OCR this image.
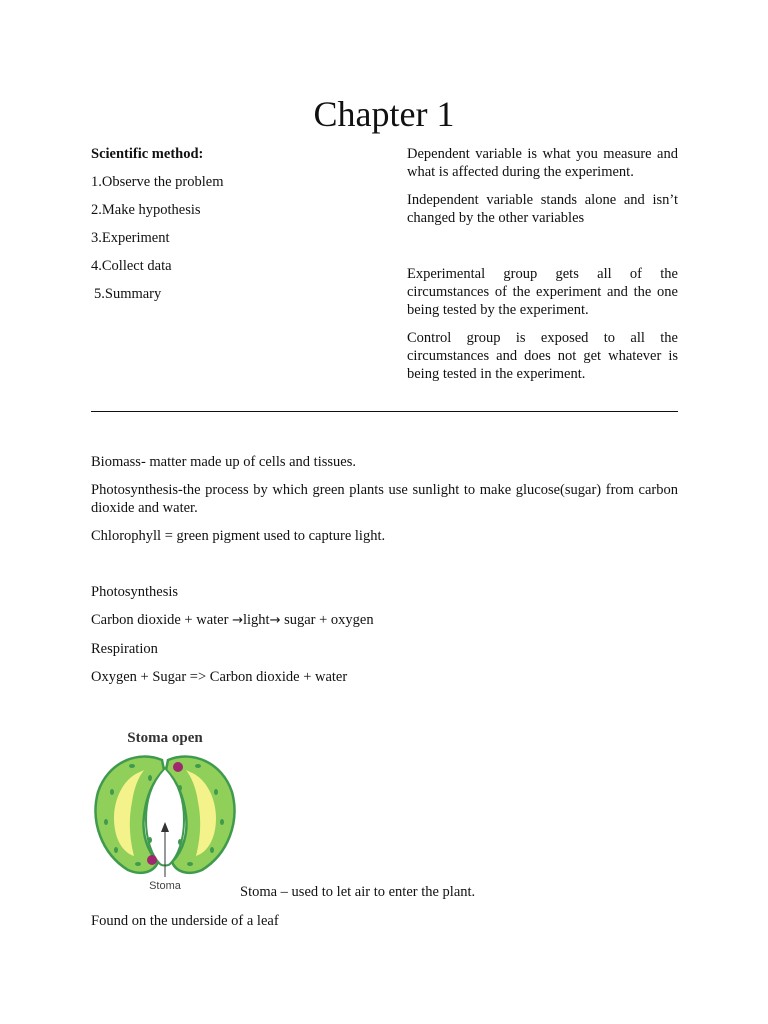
Chapter 1

Scientific method:

1.Observe the problem

2.Make hypothesis

3.Experiment

4.Collect data

5.Summary

Dependent variable is what you measure and what is affected during the experiment.

Independent variable stands alone and isn’t changed by the other variables

Experimental group gets all of the circumstances of the experiment and the one being tested by the experiment.

Control group is exposed to all the circumstances and does not get whatever is being tested in the experiment.

Biomass- matter made up of cells and tissues.

Photosynthesis-the process by which green plants use sunlight to make glucose(sugar) from carbon dioxide and water.

Chlorophyll = green pigment used to capture light.

Photosynthesis

Carbon dioxide + water →light→ sugar + oxygen

Respiration

Oxygen + Sugar => Carbon dioxide + water

Stoma open
Stoma	Stoma – used to let air to enter the plant.
Found on the underside of a leaf
